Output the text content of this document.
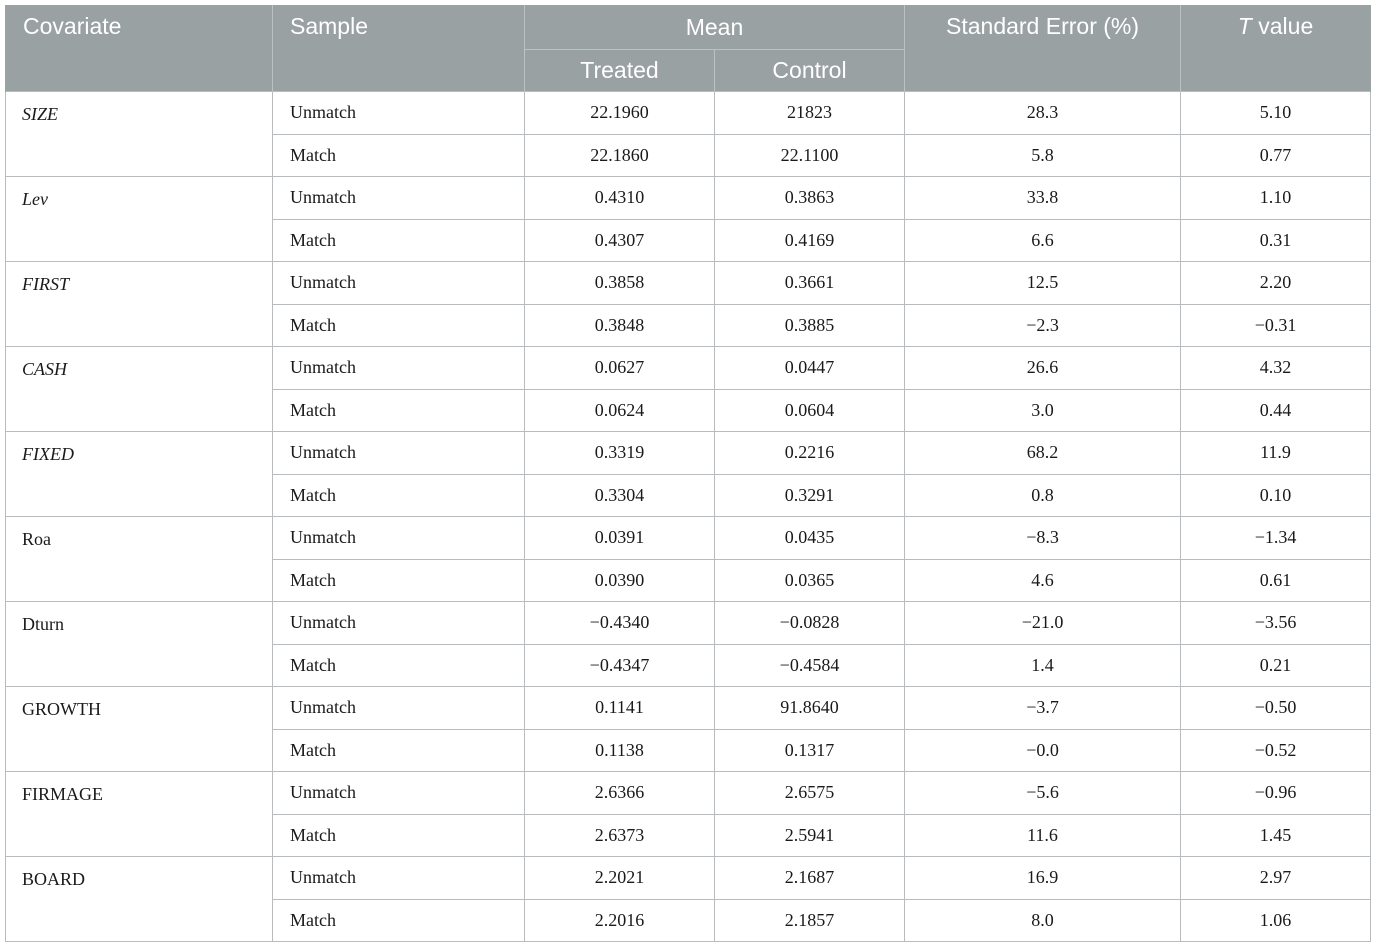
Covariate	Sample	Mean		Standard Error (%)	T value
		Treated	Control		
SIZE	Unmatch	22.1960	21823	28.3	5.10
	Match	22.1860	22.1100	5.8	0.77
Lev	Unmatch	0.4310	0.3863	33.8	1.10
	Match	0.4307	0.4169	6.6	0.31
FIRST	Unmatch	0.3858	0.3661	12.5	2.20
	Match	0.3848	0.3885	−2.3	−0.31
CASH	Unmatch	0.0627	0.0447	26.6	4.32
	Match	0.0624	0.0604	3.0	0.44
FIXED	Unmatch	0.3319	0.2216	68.2	11.9
	Match	0.3304	0.3291	0.8	0.10
Roa	Unmatch	0.0391	0.0435	−8.3	−1.34
	Match	0.0390	0.0365	4.6	0.61
Dturn	Unmatch	−0.4340	−0.0828	−21.0	−3.56
	Match	−0.4347	−0.4584	1.4	0.21
GROWTH	Unmatch	0.1141	91.8640	−3.7	−0.50
	Match	0.1138	0.1317	−0.0	−0.52
FIRMAGE	Unmatch	2.6366	2.6575	−5.6	−0.96
	Match	2.6373	2.5941	11.6	1.45
BOARD	Unmatch	2.2021	2.1687	16.9	2.97
	Match	2.2016	2.1857	8.0	1.06
